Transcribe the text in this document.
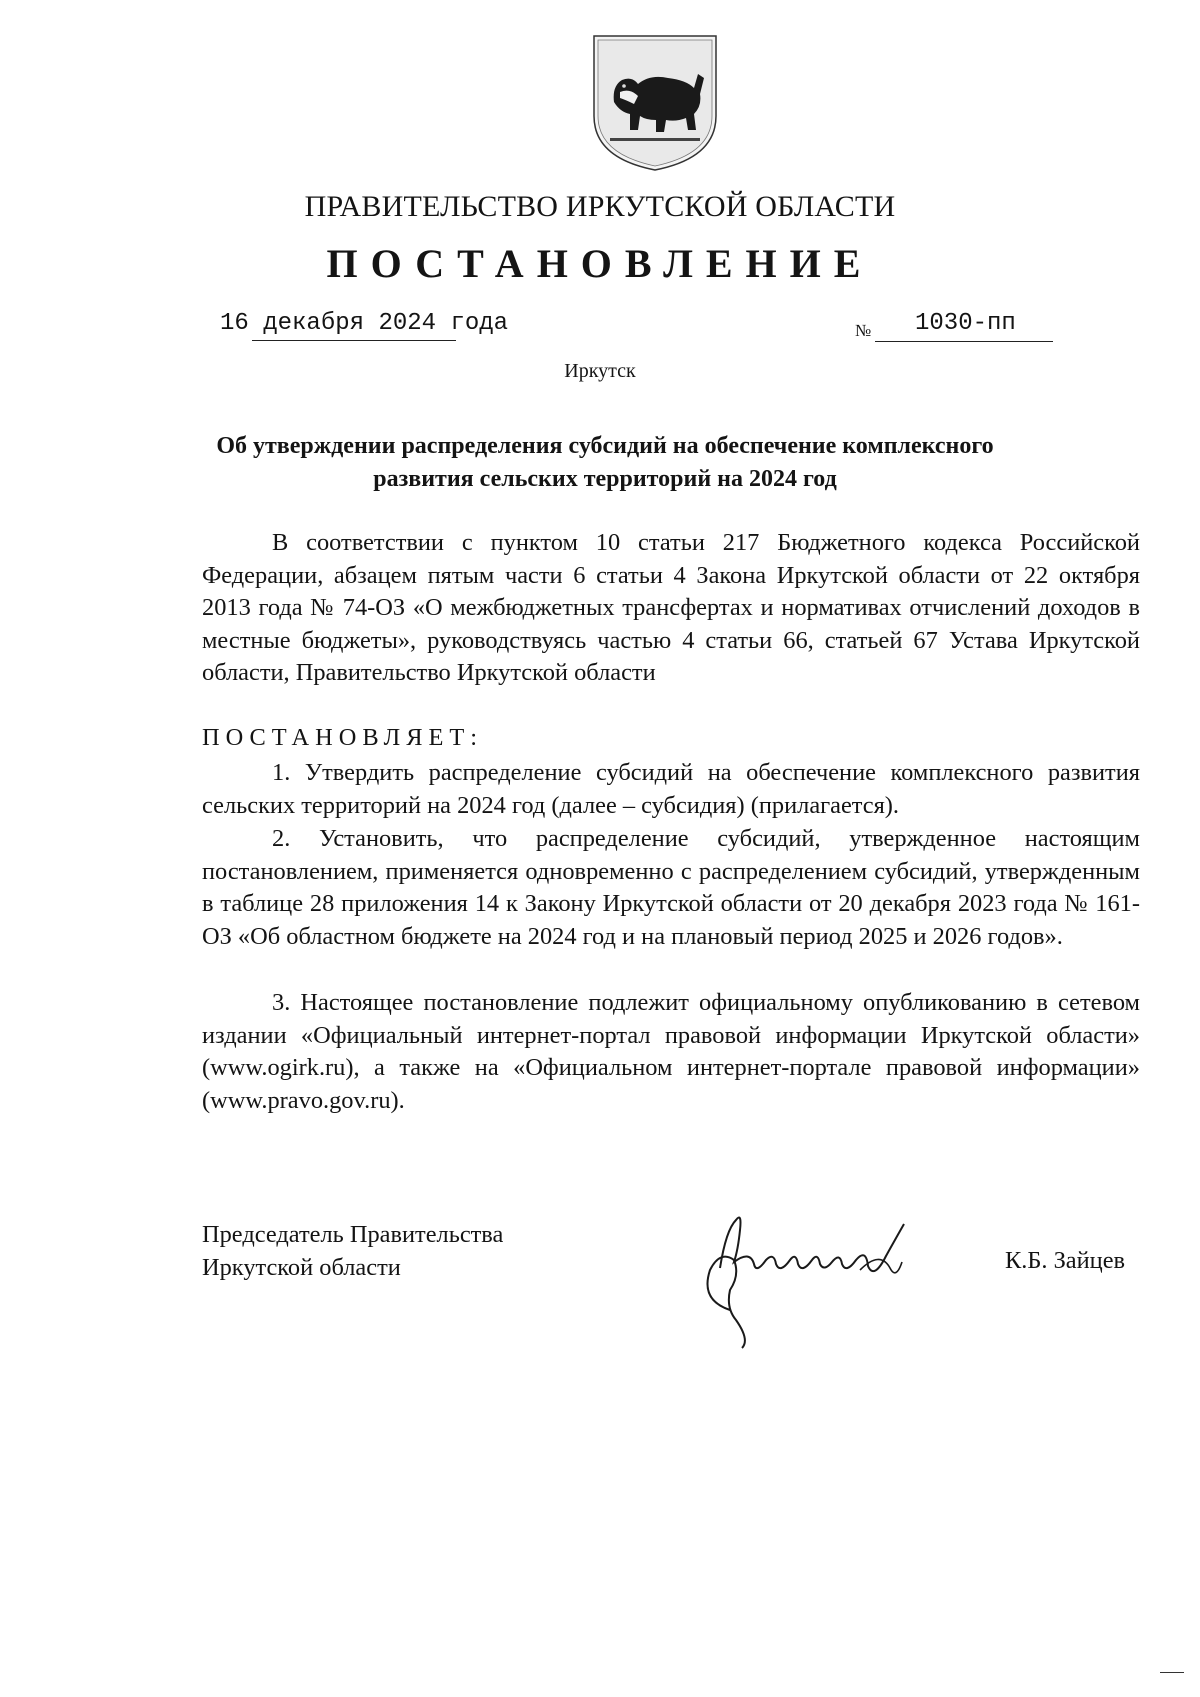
ПРАВИТЕЛЬСТВО ИРКУТСКОЙ ОБЛАСТИ
ПОСТАНОВЛЕНИЕ
16 декабря 2024 года	№ 1030-пп
Иркутск
Об утверждении распределения субсидий на обеспечение комплексного развития сельских территорий на 2024 год
В соответствии с пунктом 10 статьи 217 Бюджетного кодекса Российской Федерации, абзацем пятым части 6 статьи 4 Закона Иркутской области от 22 октября 2013 года № 74-ОЗ «О межбюджетных трансфертах и нормативах отчислений доходов в местные бюджеты», руководствуясь частью 4 статьи 66, статьей 67 Устава Иркутской области, Правительство Иркутской области
ПОСТАНОВЛЯЕТ:
1. Утвердить распределение субсидий на обеспечение комплексного развития сельских территорий на 2024 год (далее – субсидия) (прилагается).
2. Установить, что распределение субсидий, утвержденное настоящим постановлением, применяется одновременно с распределением субсидий, утвержденным в таблице 28 приложения 14 к Закону Иркутской области от 20 декабря 2023 года № 161-ОЗ «Об областном бюджете на 2024 год и на плановый период 2025 и 2026 годов».
3. Настоящее постановление подлежит официальному опубликованию в сетевом издании «Официальный интернет-портал правовой информации Иркутской области» (www.ogirk.ru), а также на «Официальном интернет-портале правовой информации» (www.pravo.gov.ru).
Председатель Правительства
Иркутской области	К.Б. Зайцев
